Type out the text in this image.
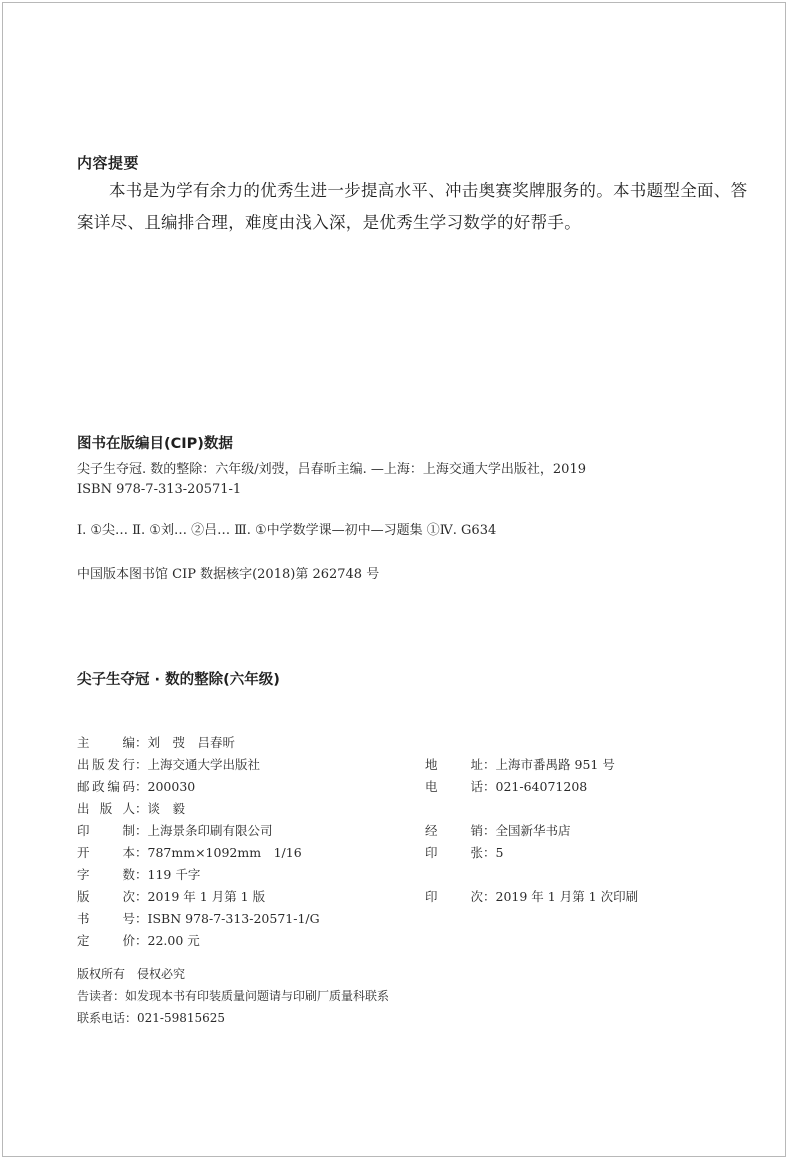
内容提要
本书是为学有余力的优秀生进一步提高水平、冲击奥赛奖牌服务的。本书题型全面、答案详尽、且编排合理，难度由浅入深，是优秀生学习数学的好帮手。
图书在版编目(CIP)数据
尖子生夺冠. 数的整除：六年级/刘弢，吕春昕主编. —上海：上海交通大学出版社，2019
ISBN 978-7-313-20571-1
Ⅰ. ①尖… Ⅱ. ①刘… ②吕… Ⅲ. ①中学数学课—初中—习题集 ①Ⅳ. G634
中国版本图书馆 CIP 数据核字(2018)第 262748 号
尖子生夺冠 · 数的整除(六年级)
主　编：刘　弢　吕春昕
出版发行：上海交通大学出版社
邮政编码：200030
出 版 人：谈　毅
印　制：上海景条印刷有限公司
开　本：787mm×1092mm　1/16
字　数：119 千字
版　次：2019 年 1 月第 1 版
书　号：ISBN 978-7-313-20571-1/G
定　价：22.00 元
地　址：上海市番禺路 951 号
电　话：021-64071208
经　销：全国新华书店
印　张：5
印　次：2019 年 1 月第 1 次印刷
版权所有　侵权必究
告读者：如发现本书有印装质量问题请与印刷厂质量科联系
联系电话：021-59815625
